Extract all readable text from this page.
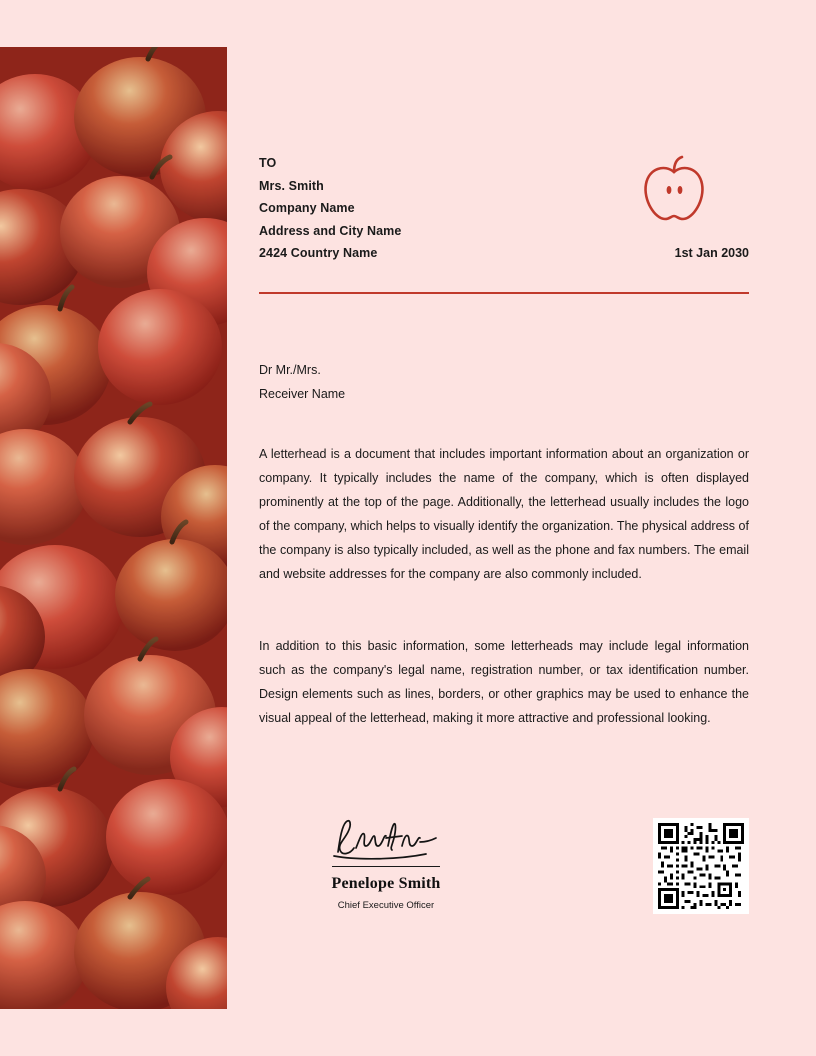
TO
Mrs. Smith
Company Name
Address and City Name
2424 Country Name	1st Jan 2030
Dr Mr./Mrs.
Receiver Name

A letterhead is a document that includes important information about an organization or company. It typically includes the name of the company, which is often displayed prominently at the top of the page. Additionally, the letterhead usually includes the logo of the company, which helps to visually identify the organization. The physical address of the company is also typically included, as well as the phone and fax numbers. The email and website addresses for the company are also commonly included.

In addition to this basic information, some letterheads may include legal information such as the company's legal name, registration number, or tax identification number. Design elements such as lines, borders, or other graphics may be used to enhance the visual appeal of the letterhead, making it more attractive and professional looking.

Penelope Smith
Chief Executive Officer
